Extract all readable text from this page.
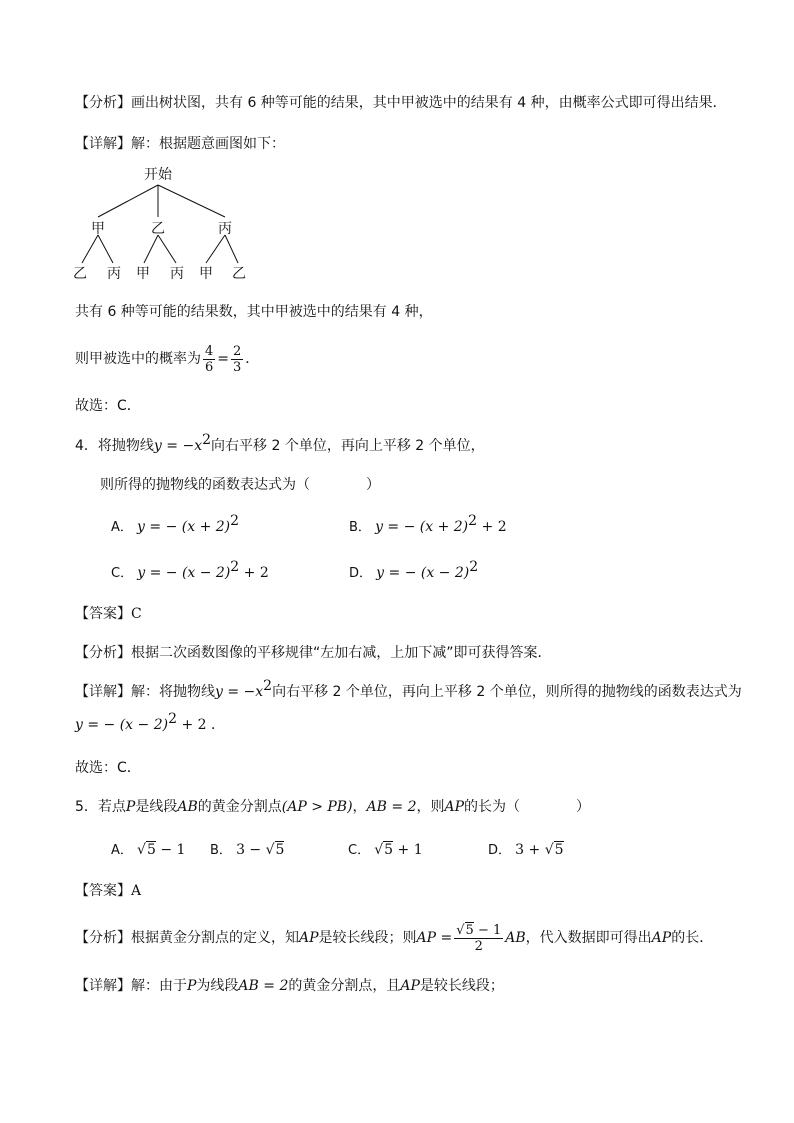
【分析】画出树状图，共有 6 种等可能的结果，其中甲被选中的结果有 4 种，由概率公式即可得出结果．
【详解】解：根据题意画图如下：
开始
甲	乙	丙
乙 丙 甲 丙 甲 乙
共有 6 种等可能的结果数，其中甲被选中的结果有 4 种，
则甲被选中的概率为 $\frac{4}{6} = \frac{2}{3}$ ．
故选：C．
4．将抛物线$y = -x^2$向右平移 2 个单位，再向上平移 2 个单位，
则所得的抛物线的函数表达式为（　　　　）
A． y = − $(x + 2)^2$	B． y = − $(x + 2)^2 + 2$
C． y = − $(x - 2)^2 + 2$	D． y = − $(x - 2)^2$
【答案】C
【分析】根据二次函数图像的平移规律“左加右减，上加下减”即可获得答案．
【详解】解：将抛物线$y = -x^2$向右平移 2 个单位，再向上平移 2 个单位，则所得的抛物线的函数表达式为
y = − $(x - 2)^2 + 2$ ．
故选：C．
5．若点P是线段AB的黄金分割点(AP > PB)，AB = 2，则AP的长为（　　　　）
A． √5 − 1 B． 3 − √5	C． √5 + 1	D． 3 + √5
【答案】A
【分析】根据黄金分割点的定义，知AP是较长线段；则AP = $\frac{√5 - 1}{2}$ AB，代入数据即可得出AP的长．
【详解】解：由于P为线段AB = 2的黄金分割点，且AP是较长线段；
